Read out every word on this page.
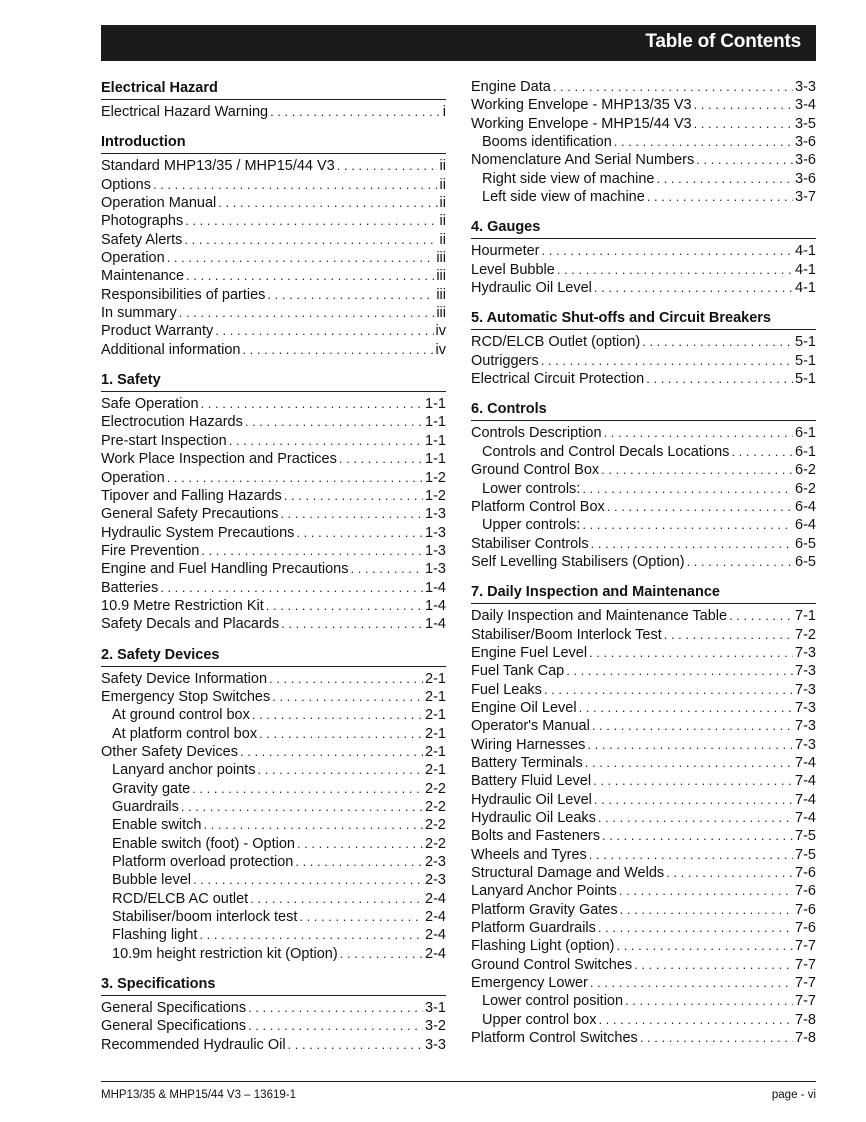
Table of Contents
Electrical Hazard
Electrical Hazard Warning . . .	i
Introduction
Standard MHP13/35 / MHP15/44 V3 . . .	ii
Options . . .	ii
Operation Manual . . .	ii
Photographs . . .	ii
Safety Alerts . . .	ii
Operation . . .	iii
Maintenance . . .	iii
Responsibilities of parties . . .	iii
In summary . . .	iii
Product Warranty . . .	iv
Additional information . . .	iv
1. Safety
Safe Operation . . .	1-1
Electrocution Hazards . . .	1-1
Pre-start Inspection . . .	1-1
Work Place Inspection and Practices . . .	1-1
Operation . . .	1-2
Tipover and Falling Hazards . . .	1-2
General Safety Precautions . . .	1-3
Hydraulic System Precautions . . .	1-3
Fire Prevention . . .	1-3
Engine and Fuel Handling Precautions . . .	1-3
Batteries . . .	1-4
10.9 Metre Restriction Kit . . .	1-4
Safety Decals and Placards . . .	1-4
2. Safety Devices
Safety Device Information . . .	2-1
Emergency Stop Switches . . .	2-1
At ground control box . . .	2-1
At platform control box . . .	2-1
Other Safety Devices . . .	2-1
Lanyard anchor points . . .	2-1
Gravity gate . . .	2-2
Guardrails . . .	2-2
Enable switch . . .	2-2
Enable switch (foot) - Option . . .	2-2
Platform overload protection . . .	2-3
Bubble level . . .	2-3
RCD/ELCB AC outlet . . .	2-4
Stabiliser/boom interlock test . . .	2-4
Flashing light . . .	2-4
10.9m height restriction kit (Option) . . .	2-4
3. Specifications
General Specifications . . .	3-1
General Specifications . . .	3-2
Recommended Hydraulic Oil . . .	3-3
Engine Data . . .	3-3
Working Envelope - MHP13/35 V3 . . .	3-4
Working Envelope - MHP15/44 V3 . . .	3-5
Booms identification . . .	3-6
Nomenclature And Serial Numbers . . .	3-6
Right side view of machine . . .	3-6
Left side view of machine . . .	3-7
4. Gauges
Hourmeter . . .	4-1
Level Bubble . . .	4-1
Hydraulic Oil Level . . .	4-1
5. Automatic Shut-offs and Circuit Breakers
RCD/ELCB Outlet (option) . . .	5-1
Outriggers . . .	5-1
Electrical Circuit Protection . . .	5-1
6. Controls
Controls Description . . .	6-1
Controls and Control Decals Locations . . .	6-1
Ground Control Box . . .	6-2
Lower controls: . . .	6-2
Platform Control Box . . .	6-4
Upper controls: . . .	6-4
Stabiliser Controls . . .	6-5
Self Levelling Stabilisers (Option) . . .	6-5
7. Daily Inspection and Maintenance
Daily Inspection and Maintenance Table . . .	7-1
Stabiliser/Boom Interlock Test . . .	7-2
Engine Fuel Level . . .	7-3
Fuel Tank Cap . . .	7-3
Fuel Leaks . . .	7-3
Engine Oil Level . . .	7-3
Operator's Manual . . .	7-3
Wiring Harnesses . . .	7-3
Battery Terminals . . .	7-4
Battery Fluid Level . . .	7-4
Hydraulic Oil Level . . .	7-4
Hydraulic Oil Leaks . . .	7-4
Bolts and Fasteners . . .	7-5
Wheels and Tyres . . .	7-5
Structural Damage and Welds . . .	7-6
Lanyard Anchor Points . . .	7-6
Platform Gravity Gates . . .	7-6
Platform Guardrails . . .	7-6
Flashing Light (option) . . .	7-7
Ground Control Switches . . .	7-7
Emergency Lower . . .	7-7
Lower control position . . .	7-7
Upper control box . . .	7-8
Platform Control Switches . . .	7-8
MHP13/35 & MHP15/44 V3 – 13619-1	page - vi
